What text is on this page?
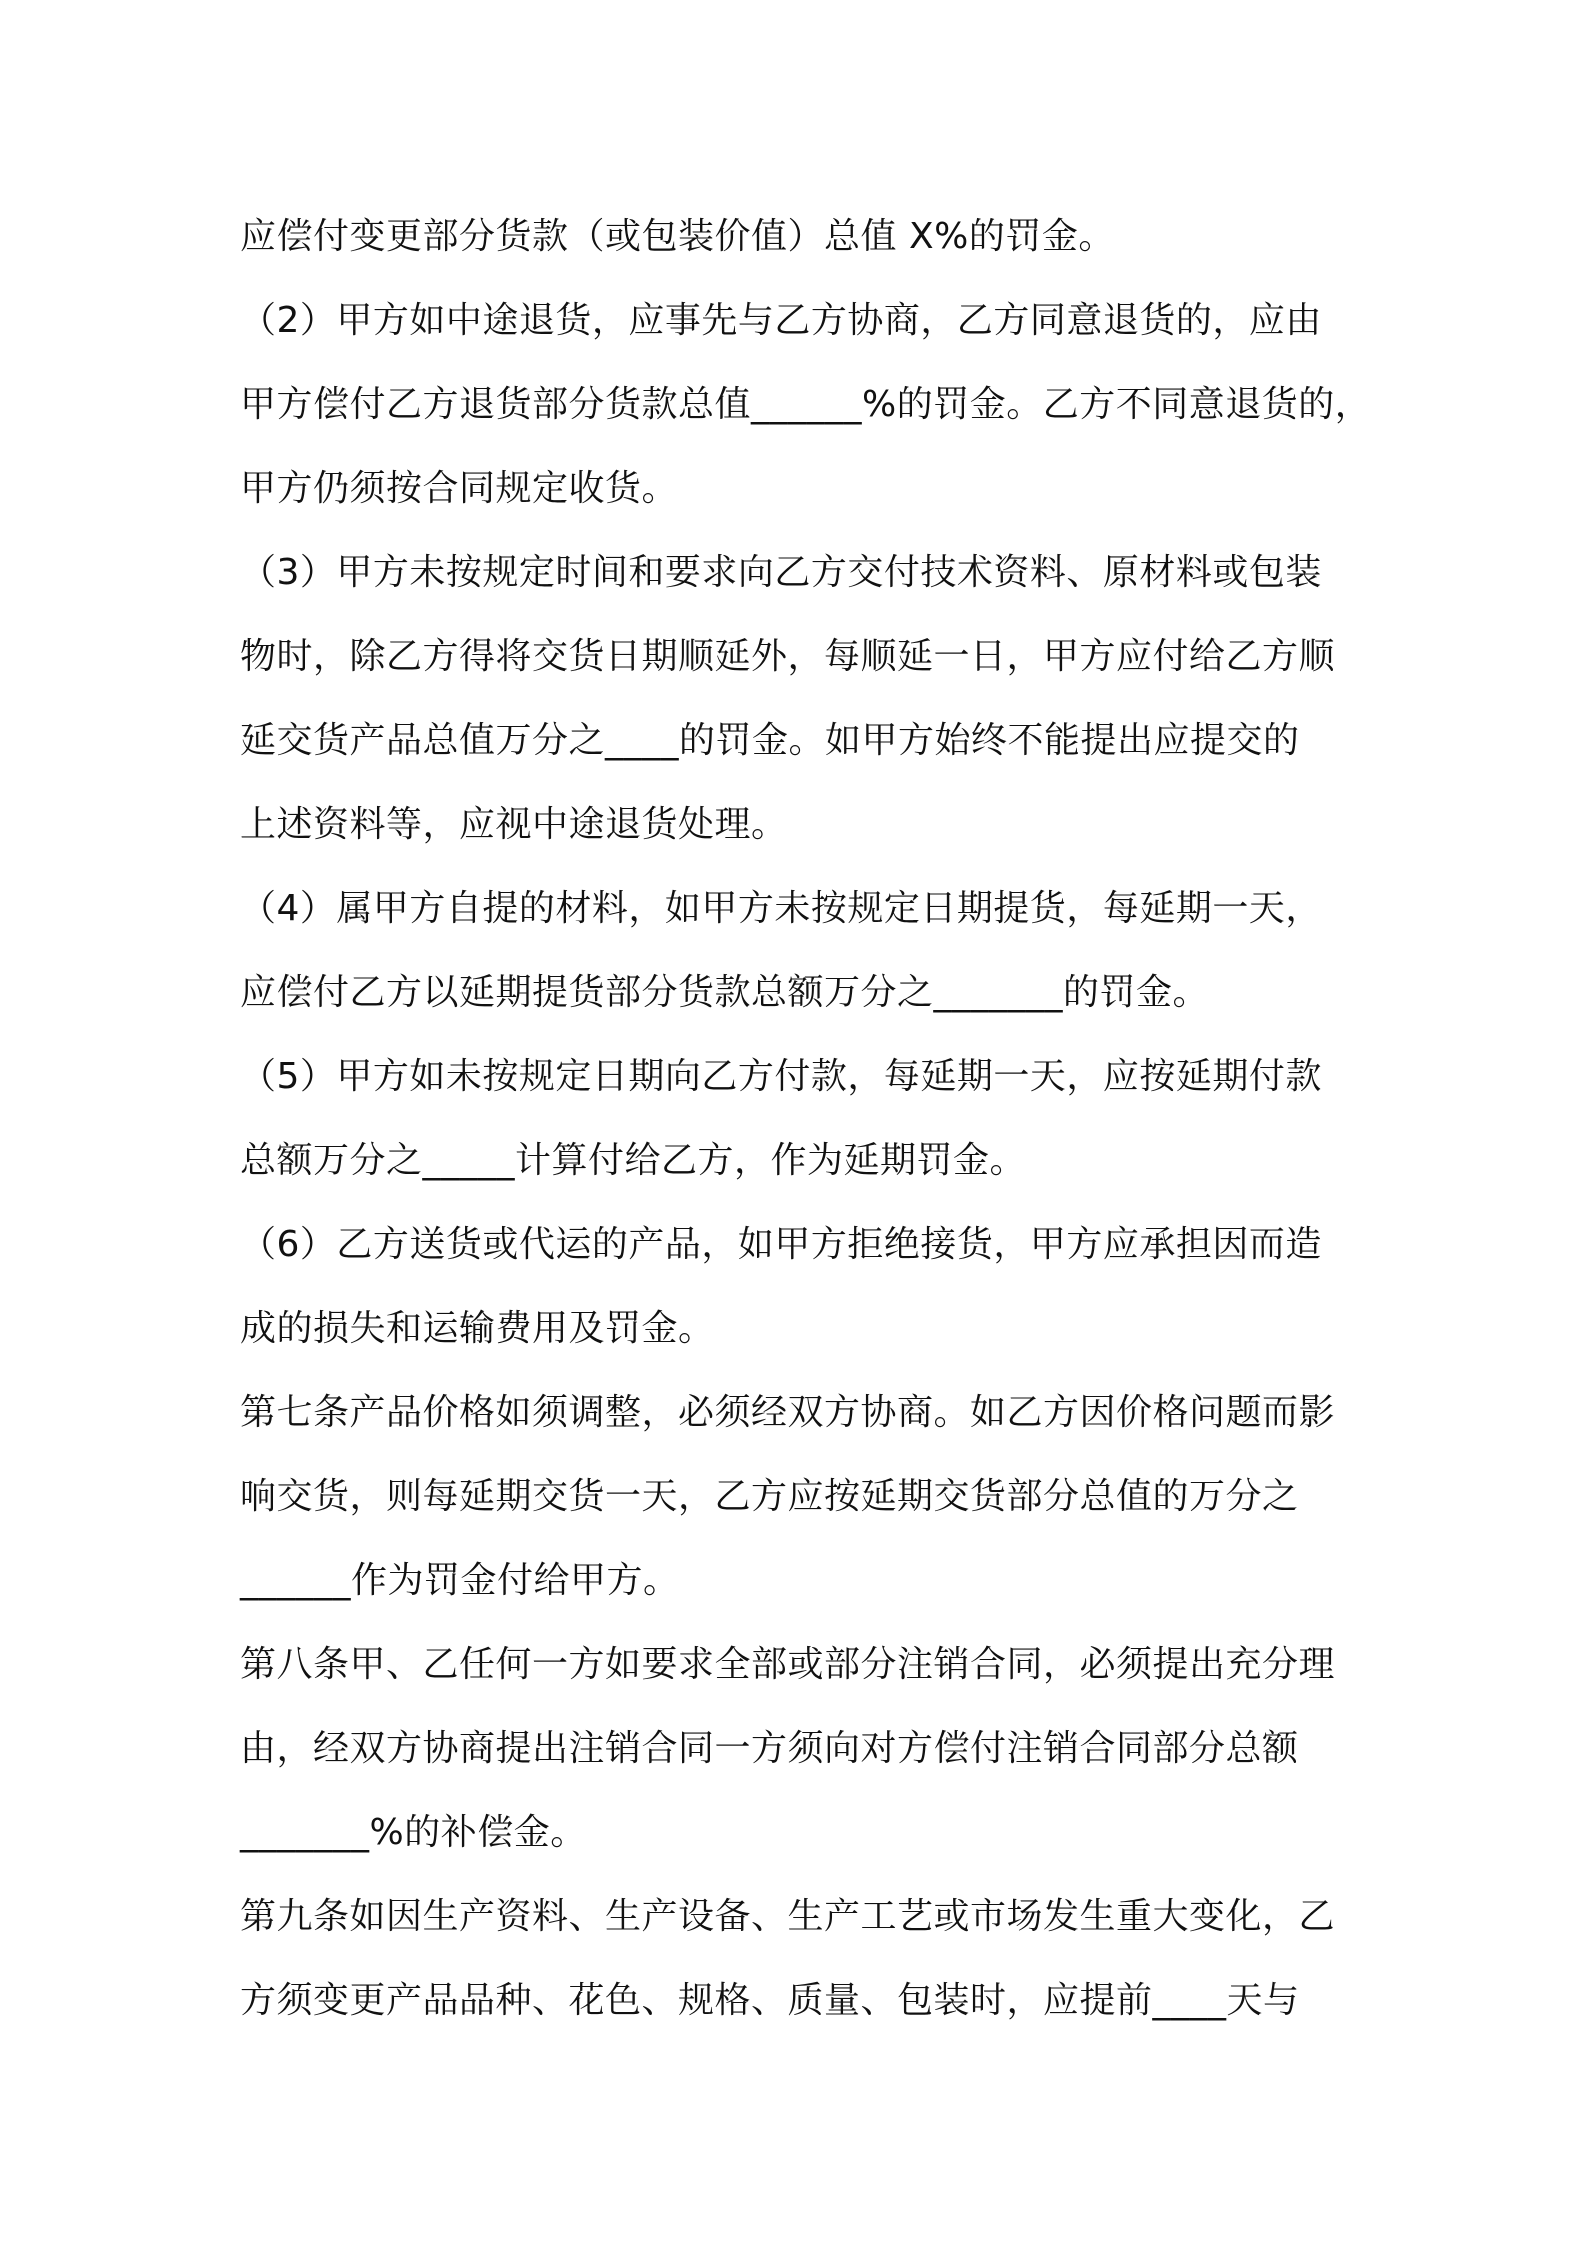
应偿付变更部分货款（或包装价值）总值 X%的罚金。
（2）甲方如中途退货，应事先与乙方协商，乙方同意退货的，应由
甲方偿付乙方退货部分货款总值______%的罚金。乙方不同意退货的，
甲方仍须按合同规定收货。
（3）甲方未按规定时间和要求向乙方交付技术资料、原材料或包装
物时，除乙方得将交货日期顺延外，每顺延一日，甲方应付给乙方顺
延交货产品总值万分之____的罚金。如甲方始终不能提出应提交的
上述资料等，应视中途退货处理。
（4）属甲方自提的材料，如甲方未按规定日期提货，每延期一天，
应偿付乙方以延期提货部分货款总额万分之_______的罚金。
（5）甲方如未按规定日期向乙方付款，每延期一天，应按延期付款
总额万分之_____计算付给乙方，作为延期罚金。
（6）乙方送货或代运的产品，如甲方拒绝接货，甲方应承担因而造
成的损失和运输费用及罚金。
第七条产品价格如须调整，必须经双方协商。如乙方因价格问题而影
响交货，则每延期交货一天，乙方应按延期交货部分总值的万分之
______作为罚金付给甲方。
第八条甲、乙任何一方如要求全部或部分注销合同，必须提出充分理
由，经双方协商提出注销合同一方须向对方偿付注销合同部分总额
_______%的补偿金。
第九条如因生产资料、生产设备、生产工艺或市场发生重大变化，乙
方须变更产品品种、花色、规格、质量、包装时，应提前____天与
